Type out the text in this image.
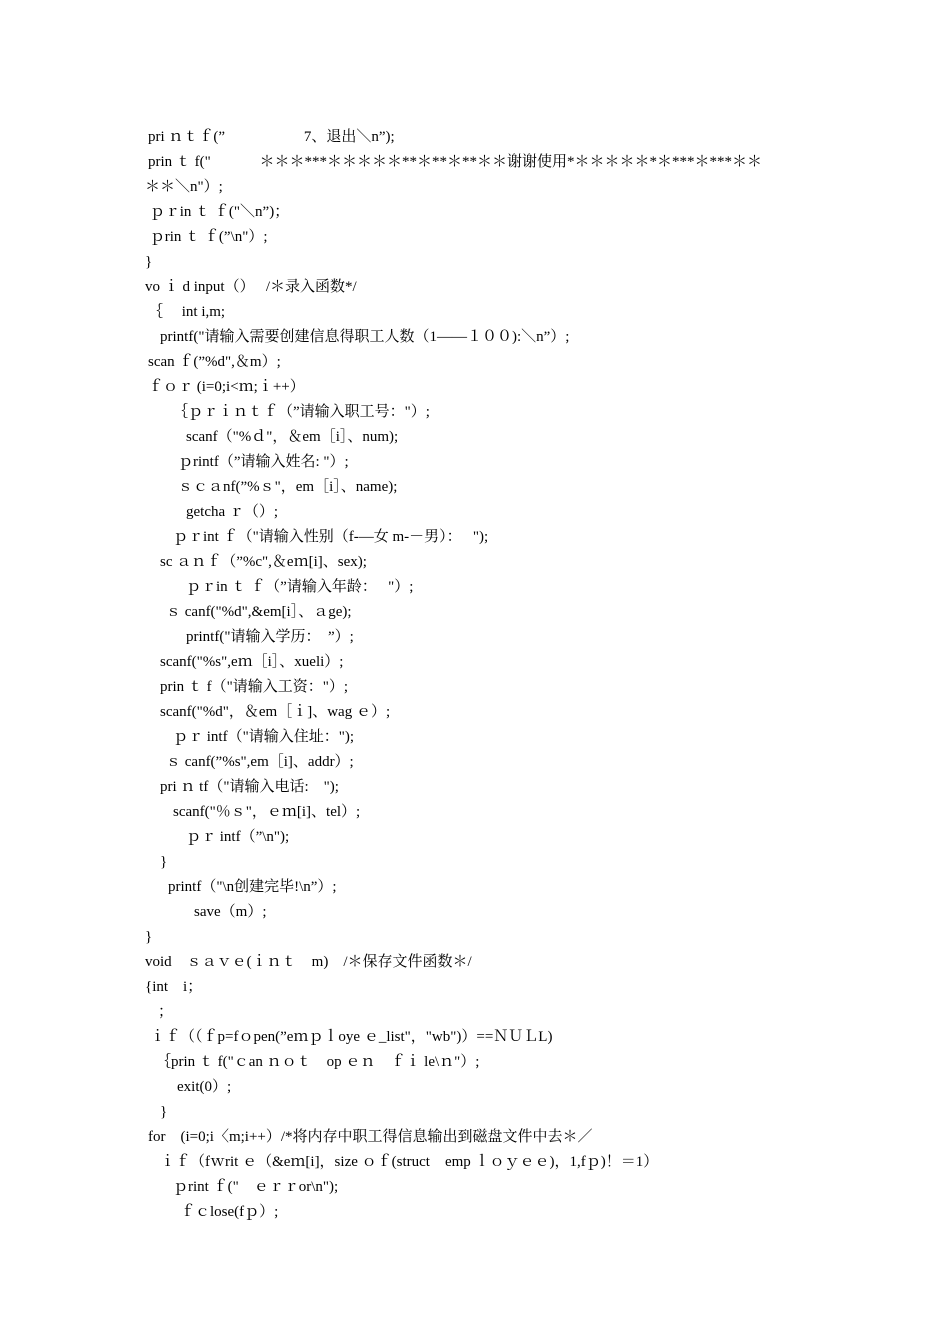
pri ｎｔｆ(”　　　　　 7、退出＼n”);
prin ｔ f("　　　 ＊＊＊***＊＊＊＊＊**＊**＊**＊＊谢谢使用*＊＊＊＊＊*＊***＊***＊＊
＊＊＼n"）;
ｐｒin ｔ ｆ("＼n”)；
ｐrin ｔ ｆ(”\n"）;
}
vo ｉ d input（）　 /＊录入函数*/
｛　 int i,m;
printf("请输入需要创建信息得职工人数（1——１００):＼n”）;
scan ｆ(”%d",＆m）;
ｆｏｒ (i=0;i<ｍ;ｉ++）
｛ｐｒｉｎｔｆ（”请输入职工号："）;
scanf（"%ｄ"，＆em［i］、num);
ｐrintf（”请输入姓名: "）;
ｓｃａnf(”%ｓ"，em［i］、name);
getcha ｒ（）;
ｐｒint ｆ（"请输入性别（f-—女 m-－男）：　 ");
sc ａｎｆ（”%c",＆eｍ[i]、sex);
ｐｒin ｔ ｆ（”请输入年龄：　 "）;
ｓ canf("%d",&em[i］、ａge);
printf("请输入学历：　”）;
scanf("%s",eｍ［i］、xueli）;
prin ｔ f（"请输入工资："）;
scanf("%d"，＆em［ｉ]、wag ｅ）;
ｐｒ intf（"请输入住址：");
ｓ canf(”%s",em［i]、addr）;
pri ｎ tf（"请输入电话:　");
scanf("％ｓ"，ｅｍ[i]、tel）;
ｐｒ intf（”\n");
}
printf（"\n创建完毕!\n”）;
save（m）;
}
void　ｓａｖｅ(ｉｎｔ　m)　/＊保存文件函数＊/
{int　i；
；
ｉｆ（（ｆp=fｏpen(”eｍｐｌoye ｅ_list"，"wb")）==ＮＵＬL)
｛prin ｔ f("ｃan ｎｏｔ　op ｅｎ　ｆｉ le\ｎ"）;
exit(0）;
}
for　(i=0;i〈m;i++）/*将内存中职工得信息输出到磁盘文件中去＊／
ｉｆ（fｗrit ｅ（&eｍ[i]，size ｏｆ(struct　emp ｌｏｙｅｅ)，1,fｐ)！＝1）
ｐrint ｆ("　ｅｒｒor\n");
ｆｃlose(fｐ）;
